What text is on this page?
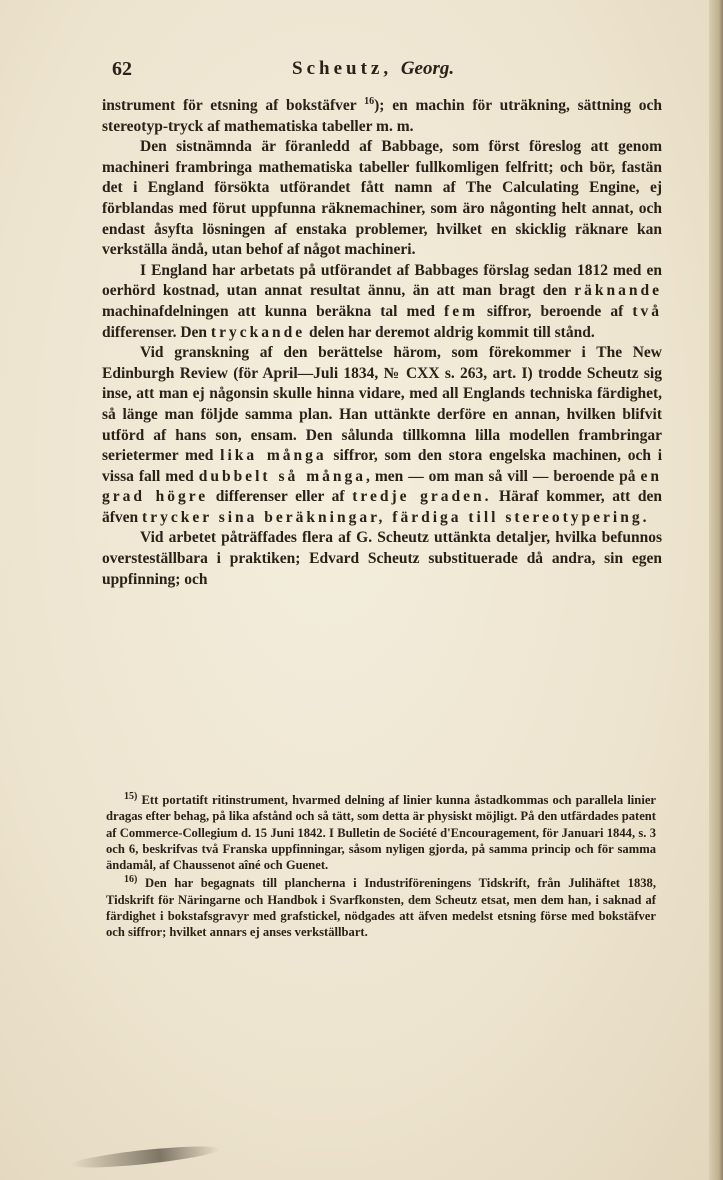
62	Scheutz, Georg.

instrument för etsning af bokstäfver $^{16}$); en machin för uträkning, sättning och stereotyp-tryck af mathematiska tabeller m. m.

Den sistnämnda är föranledd af Babbage, som först föreslog att genom machineri frambringa mathematiska tabeller fullkomligen felfritt; och bör, fastän det i England försökta utförandet fått namn af The Calculating Engine, ej förblandas med förut uppfunna räknemachiner, som äro någonting helt annat, och endast åsyfta lösningen af enstaka problemer, hvilket en skicklig räknare kan verkställa ändå, utan behof af något machineri.

I England har arbetats på utförandet af Babbages förslag sedan 1812 med en oerhörd kostnad, utan annat resultat ännu, än att man bragt den räknande machinafdelningen att kunna beräkna tal med fem siffror, beroende af två differenser. Den tryckande delen har deremot aldrig kommit till stånd.

Vid granskning af den berättelse härom, som förekommer i The New Edinburgh Review (för April—Juli 1834, № CXX s. 263, art. I) trodde Scheutz sig inse, att man ej någonsin skulle hinna vidare, med all Englands techniska färdighet, så länge man följde samma plan. Han uttänkte derföre en annan, hvilken blifvit utförd af hans son, ensam. Den sålunda tillkomna lilla modellen frambringar serietermer med lika många siffror, som den stora engelska machinen, och i vissa fall med dubbelt så många, men — om man så vill — beroende på en grad högre differenser eller af tredje graden. Häraf kommer, att den äfven trycker sina beräkningar, färdiga till stereotypering.

Vid arbetet påträffades flera af G. Scheutz uttänkta detaljer, hvilka befunnos oversteställbara i praktiken; Edvard Scheutz substituerade då andra, sin egen uppfinning; och

$^{15)}$ Ett portatift ritinstrument, hvarmed delning af linier kunna åstadkommas och parallela linier dragas efter behag, på lika afstånd och så tätt, som detta är physiskt möjligt. På den utfärdades patent af Commerce-Collegium d. 15 Juni 1842. I Bulletin de Société d'Encouragement, för Januari 1844, s. 3 och 6, beskrifvas två Franska uppfinningar, såsom nyligen gjorda, på samma princip och för samma ändamål, af Chaussenot aîné och Guenet.

$^{16)}$ Den har begagnats till plancherna i Industriföreningens Tidskrift, från Julihäftet 1838, Tidskrift för Näringarne och Handbok i Svarfkonsten, dem Scheutz etsat, men dem han, i saknad af färdighet i bokstafsgravyr med grafstickel, nödgades att äfven medelst etsning förse med bokstäfver och siffror; hvilket annars ej anses verkställbart.
